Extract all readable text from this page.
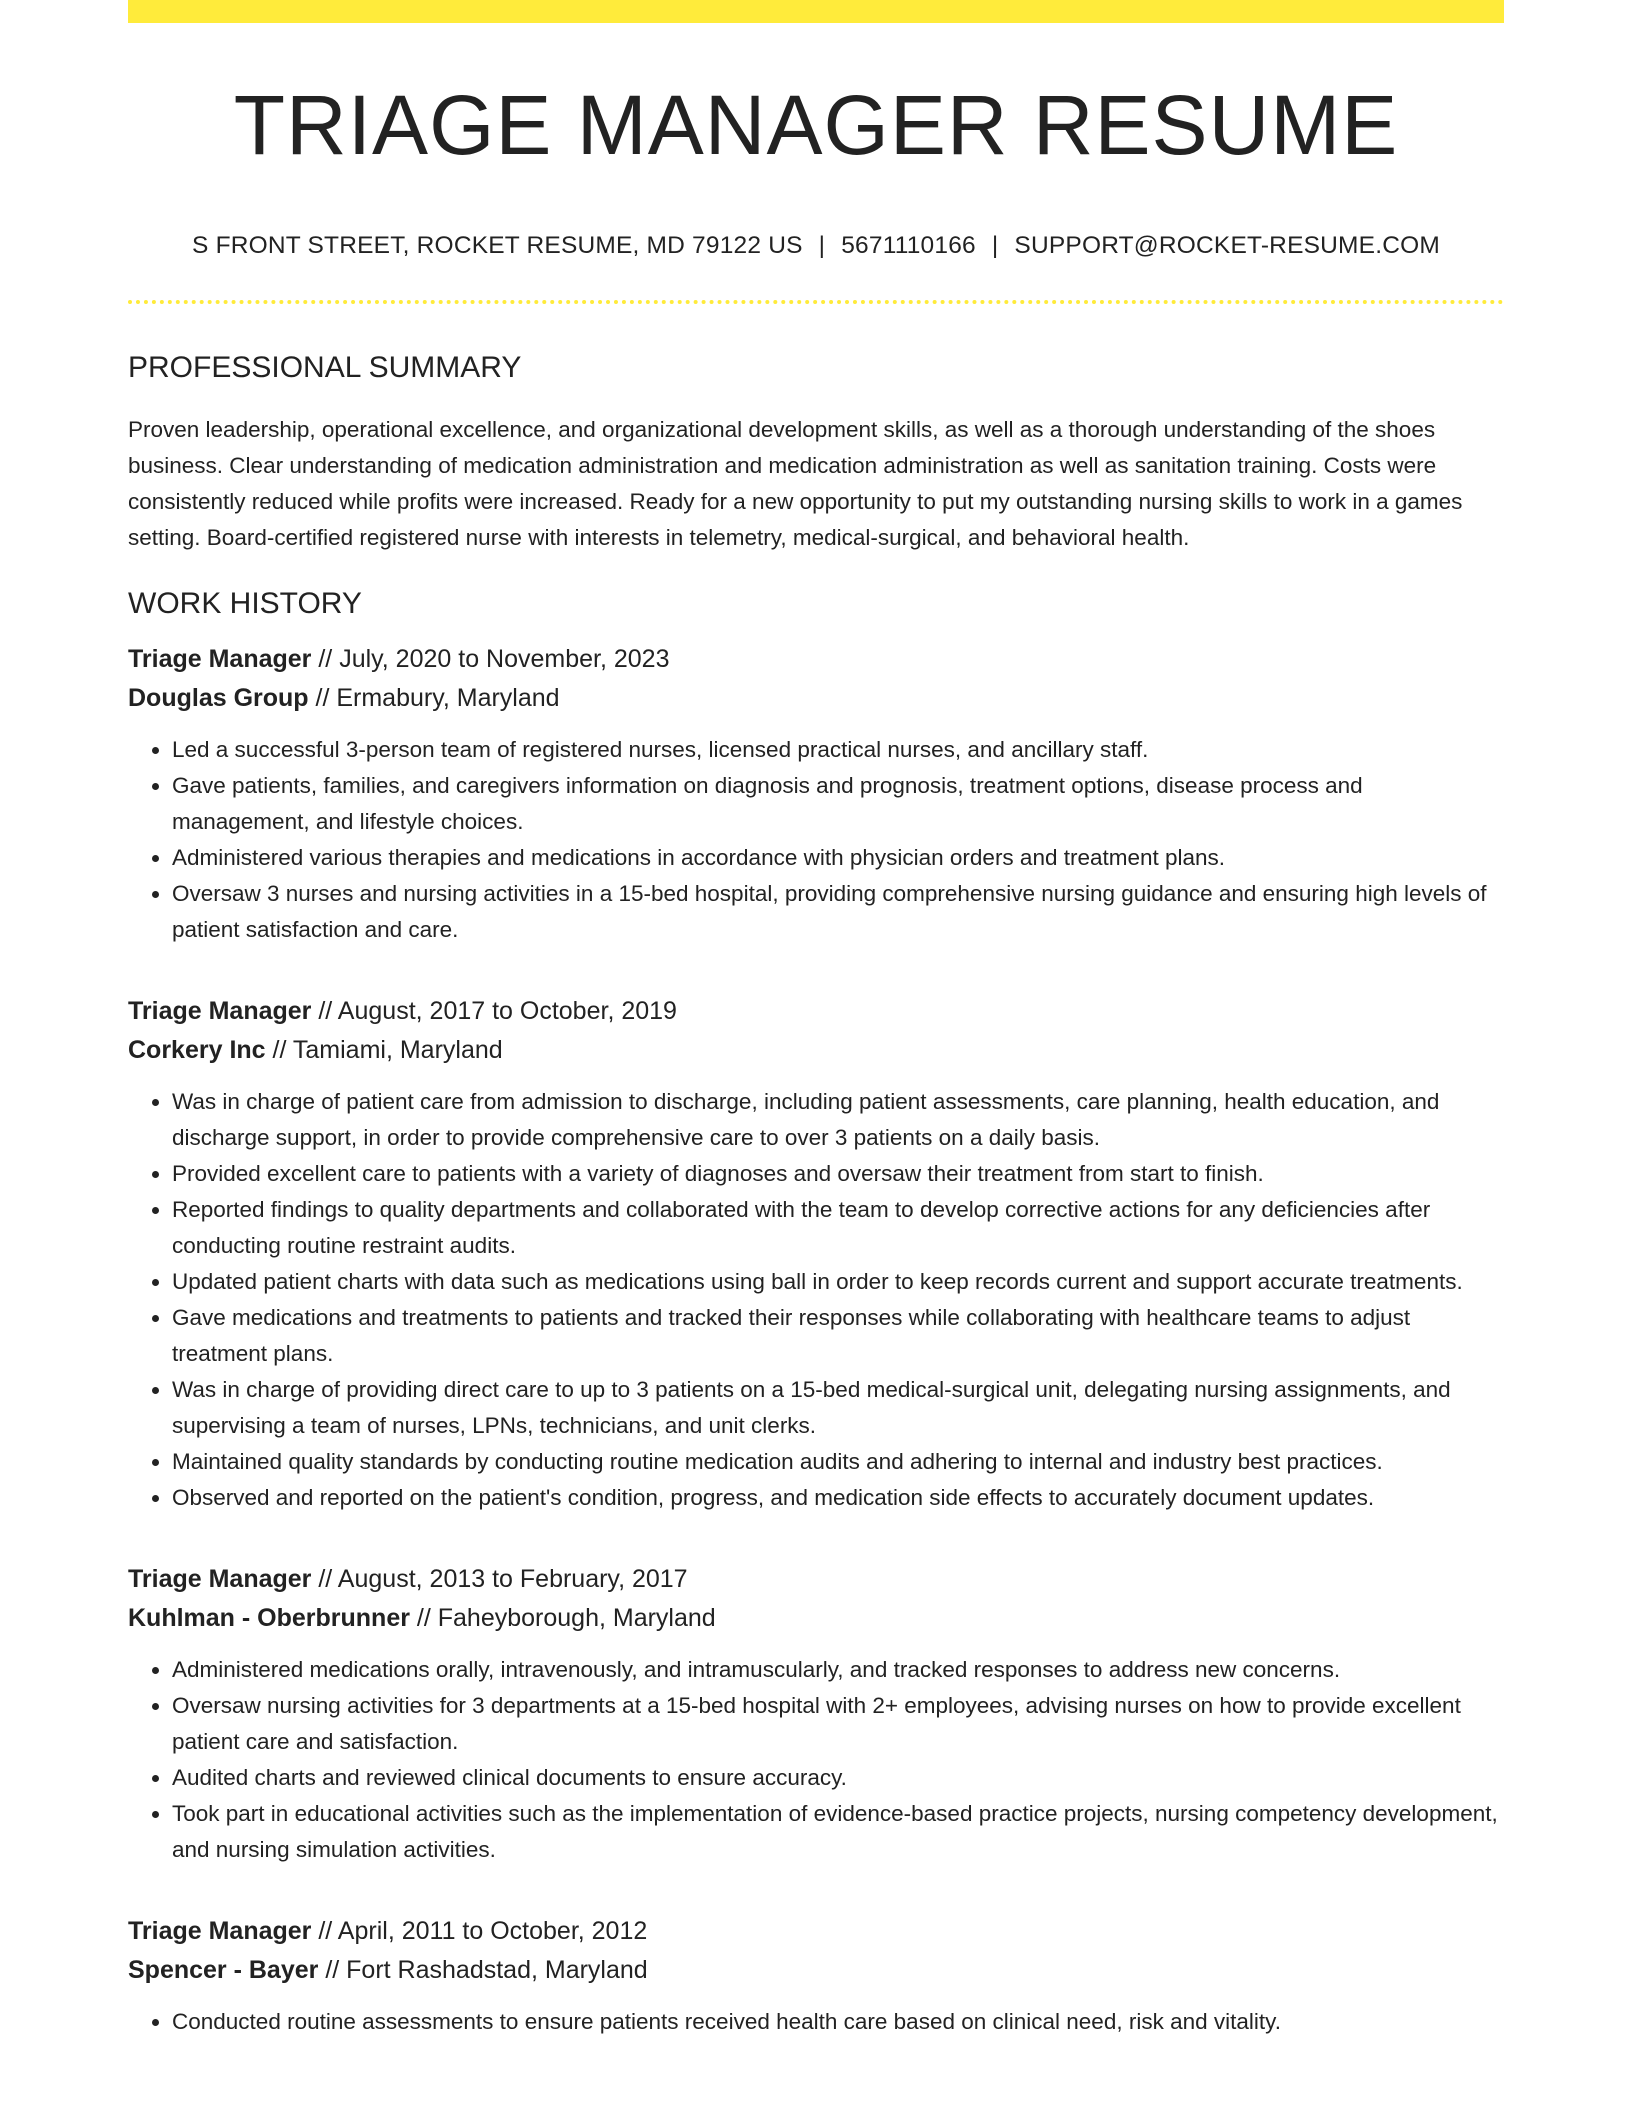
TRIAGE MANAGER RESUME
S FRONT STREET, ROCKET RESUME, MD 79122 US | 5671110166 | SUPPORT@ROCKET-RESUME.COM
PROFESSIONAL SUMMARY

Proven leadership, operational excellence, and organizational development skills, as well as a thorough understanding of the shoes business. Clear understanding of medication administration and medication administration as well as sanitation training. Costs were consistently reduced while profits were increased. Ready for a new opportunity to put my outstanding nursing skills to work in a games setting. Board-certified registered nurse with interests in telemetry, medical-surgical, and behavioral health.

WORK HISTORY
Triage Manager // July, 2020 to November, 2023
Douglas Group // Ermabury, Maryland
• Led a successful 3-person team of registered nurses, licensed practical nurses, and ancillary staff.
• Gave patients, families, and caregivers information on diagnosis and prognosis, treatment options, disease process and management, and lifestyle choices.
• Administered various therapies and medications in accordance with physician orders and treatment plans.
• Oversaw 3 nurses and nursing activities in a 15-bed hospital, providing comprehensive nursing guidance and ensuring high levels of patient satisfaction and care.
Triage Manager // August, 2017 to October, 2019
Corkery Inc // Tamiami, Maryland
• Was in charge of patient care from admission to discharge, including patient assessments, care planning, health education, and discharge support, in order to provide comprehensive care to over 3 patients on a daily basis.
• Provided excellent care to patients with a variety of diagnoses and oversaw their treatment from start to finish.
• Reported findings to quality departments and collaborated with the team to develop corrective actions for any deficiencies after conducting routine restraint audits.
• Updated patient charts with data such as medications using ball in order to keep records current and support accurate treatments.
• Gave medications and treatments to patients and tracked their responses while collaborating with healthcare teams to adjust treatment plans.
• Was in charge of providing direct care to up to 3 patients on a 15-bed medical-surgical unit, delegating nursing assignments, and supervising a team of nurses, LPNs, technicians, and unit clerks.
• Maintained quality standards by conducting routine medication audits and adhering to internal and industry best practices.
• Observed and reported on the patient's condition, progress, and medication side effects to accurately document updates.
Triage Manager // August, 2013 to February, 2017
Kuhlman - Oberbrunner // Faheyborough, Maryland
• Administered medications orally, intravenously, and intramuscularly, and tracked responses to address new concerns.
• Oversaw nursing activities for 3 departments at a 15-bed hospital with 2+ employees, advising nurses on how to provide excellent patient care and satisfaction.
• Audited charts and reviewed clinical documents to ensure accuracy.
• Took part in educational activities such as the implementation of evidence-based practice projects, nursing competency development, and nursing simulation activities.
Triage Manager // April, 2011 to October, 2012
Spencer - Bayer // Fort Rashadstad, Maryland
• Conducted routine assessments to ensure patients received health care based on clinical need, risk and vitality.
